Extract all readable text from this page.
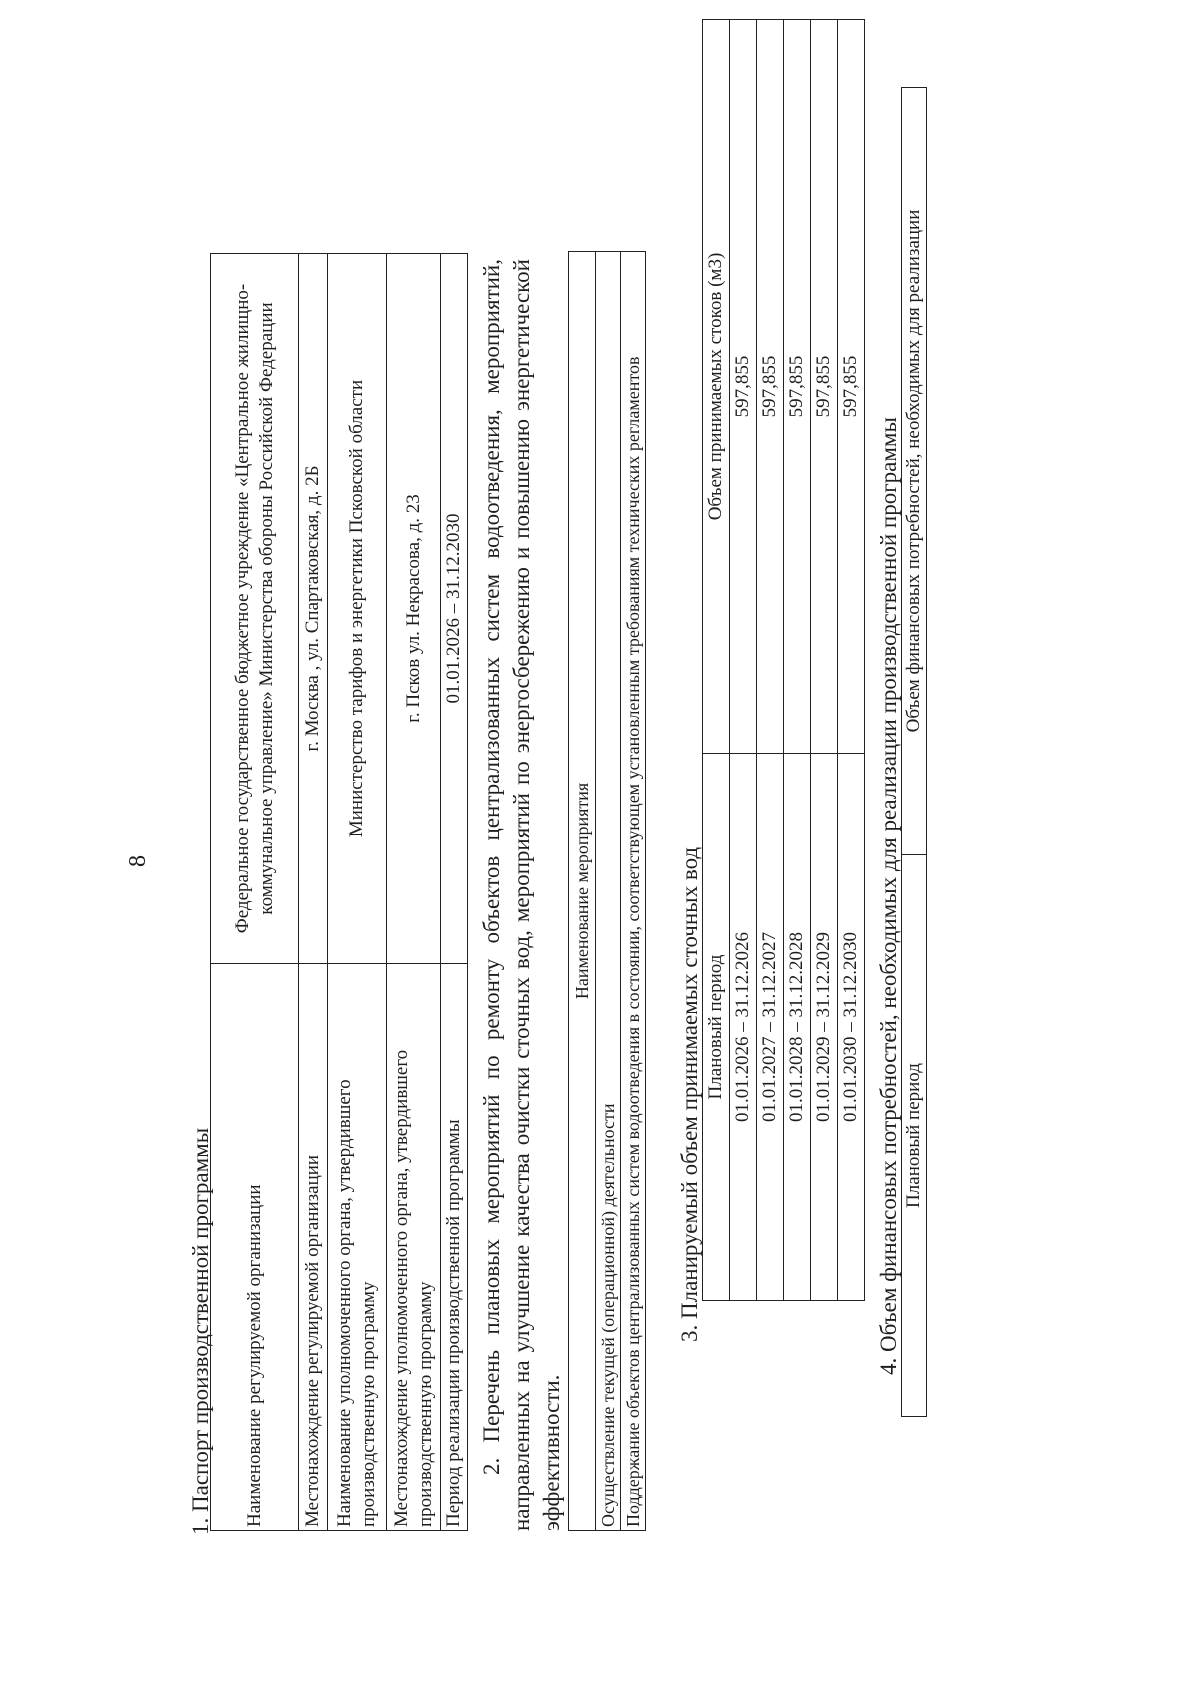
8
1. Паспорт производственной программы Наименование регулируемой организации	Федеральное государственное бюджетное учреждение «Центральное жилищно-коммунальное управление» Министерства обороны Российской Федерации
Местонахождение регулируемой организации	г. Москва , ул. Спартаковская, д. 2Б
Наименование уполномоченного органа, утвердившего производственную программу	Министерство тарифов и энергетики Псковской области
Местонахождение уполномоченного органа, утвердившего производственную программу	г. Псков ул. Некрасова, д. 23
Период реализации производственной программы	01.01.2026 – 31.12.2030 2. Перечень плановых мероприятий по ремонту объектов централизованных систем водоотведения, мероприятий, направленных на улучшение качества очистки сточных вод, мероприятий по энергосбережению и повышению энергетической эффективности.

Наименование мероприятия
Осуществление текущей (операционной) деятельности
Поддержание объектов централизованных систем водоотведения в состоянии, соответствующем установленным требованиям технических регламентов 3. Планируемый объем принимаемых сточных вод Плановый период	Объем принимаемых стоков (м3)
01.01.2026 – 31.12.2026	597,855
01.01.2027 – 31.12.2027	597,855
01.01.2028 – 31.12.2028	597,855
01.01.2029 – 31.12.2029	597,855
01.01.2030 – 31.12.2030	597,855
4. Объем финансовых потребностей, необходимых для реализации производственной программы Плановый период	Объем финансовых потребностей, необходимых для реализации
